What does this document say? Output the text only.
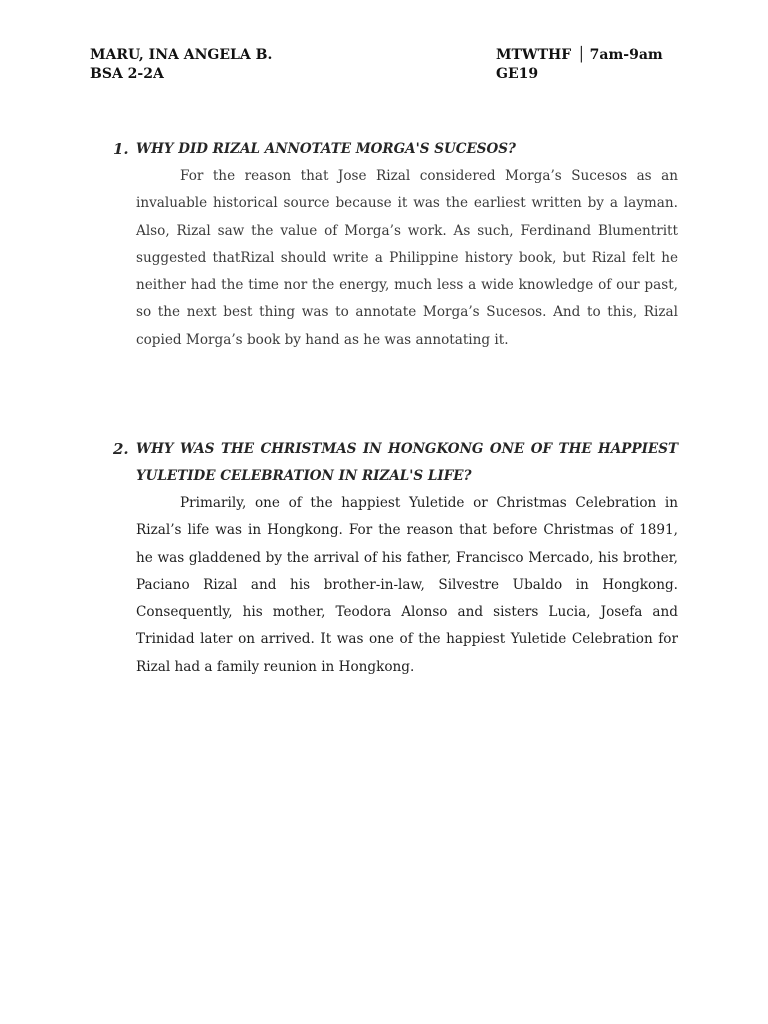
MARU, INA ANGELA B.
BSA 2-2A
MTWTHF │ 7am-9am
GE19
1. WHY DID RIZAL ANNOTATE MORGA'S SUCESOS?
For the reason that Jose Rizal considered Morga’s Sucesos as an invaluable historical source because it was the earliest written by a layman. Also, Rizal saw the value of Morga’s work. As such, Ferdinand Blumentritt suggested thatRizal should write a Philippine history book, but Rizal felt he neither had the time nor the energy, much less a wide knowledge of our past, so the next best thing was to annotate Morga’s Sucesos. And to this, Rizal copied Morga’s book by hand as he was annotating it.
2. WHY WAS THE CHRISTMAS IN HONGKONG ONE OF THE HAPPIEST YULETIDE CELEBRATION IN RIZAL'S LIFE?
Primarily, one of the happiest Yuletide or Christmas Celebration in Rizal’s life was in Hongkong. For the reason that before Christmas of 1891, he was gladdened by the arrival of his father, Francisco Mercado, his brother, Paciano Rizal and his brother-in-law, Silvestre Ubaldo in Hongkong. Consequently, his mother, Teodora Alonso and sisters Lucia, Josefa and Trinidad later on arrived. It was one of the happiest Yuletide Celebration for Rizal had a family reunion in Hongkong.
